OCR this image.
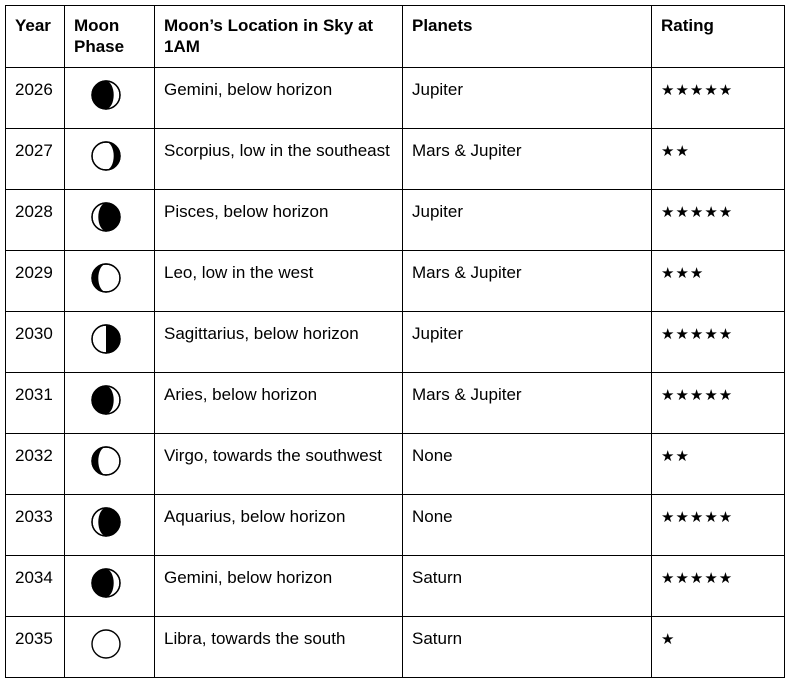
Year	Moon Phase	Moon’s Location in Sky at 1AM	Planets	Rating
2026		Gemini, below horizon	Jupiter	★★★★★
2027		Scorpius, low in the southeast	Mars & Jupiter	★★
2028		Pisces, below horizon	Jupiter	★★★★★
2029		Leo, low in the west	Mars & Jupiter	★★★
2030		Sagittarius, below horizon	Jupiter	★★★★★
2031		Aries, below horizon	Mars & Jupiter	★★★★★
2032		Virgo, towards the southwest	None	★★
2033		Aquarius, below horizon	None	★★★★★
2034		Gemini, below horizon	Saturn	★★★★★
2035		Libra, towards the south	Saturn	★
